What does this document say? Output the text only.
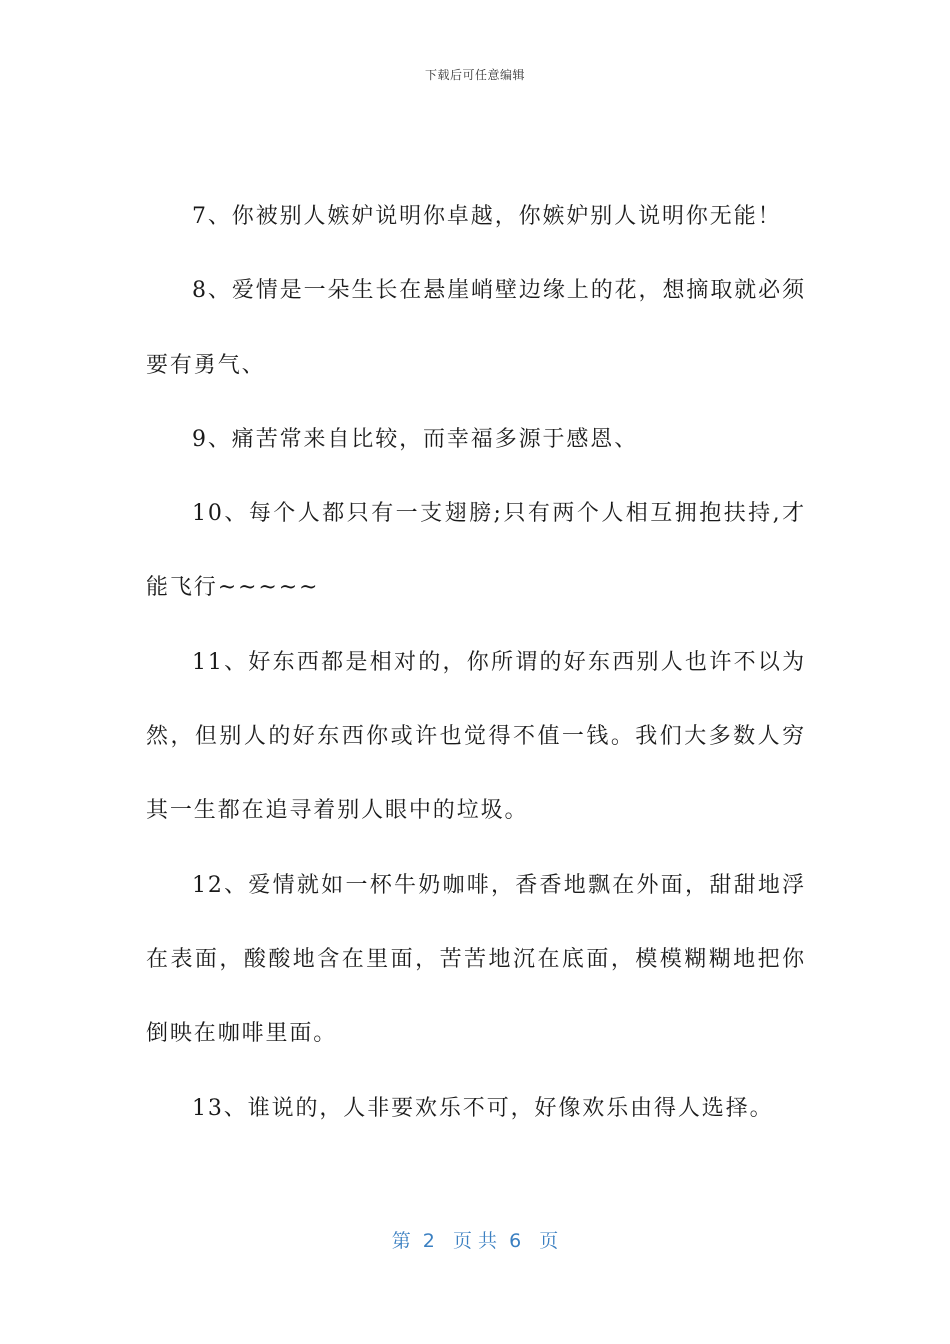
下载后可任意编辑

7、你被别人嫉妒说明你卓越，你嫉妒别人说明你无能！

8、爱情是一朵生长在悬崖峭壁边缘上的花，想摘取就必须要有勇气、

9、痛苦常来自比较，而幸福多源于感恩、

10、每个人都只有一支翅膀;只有两个人相互拥抱扶持,才能飞行~~~~~

11、好东西都是相对的，你所谓的好东西别人也许不以为然，但别人的好东西你或许也觉得不值一钱。我们大多数人穷其一生都在追寻着别人眼中的垃圾。

12、爱情就如一杯牛奶咖啡，香香地飘在外面，甜甜地浮在表面，酸酸地含在里面，苦苦地沉在底面，模模糊糊地把你倒映在咖啡里面。

13、谁说的，人非要欢乐不可，好像欢乐由得人选择。

第  2   页 共  6   页
